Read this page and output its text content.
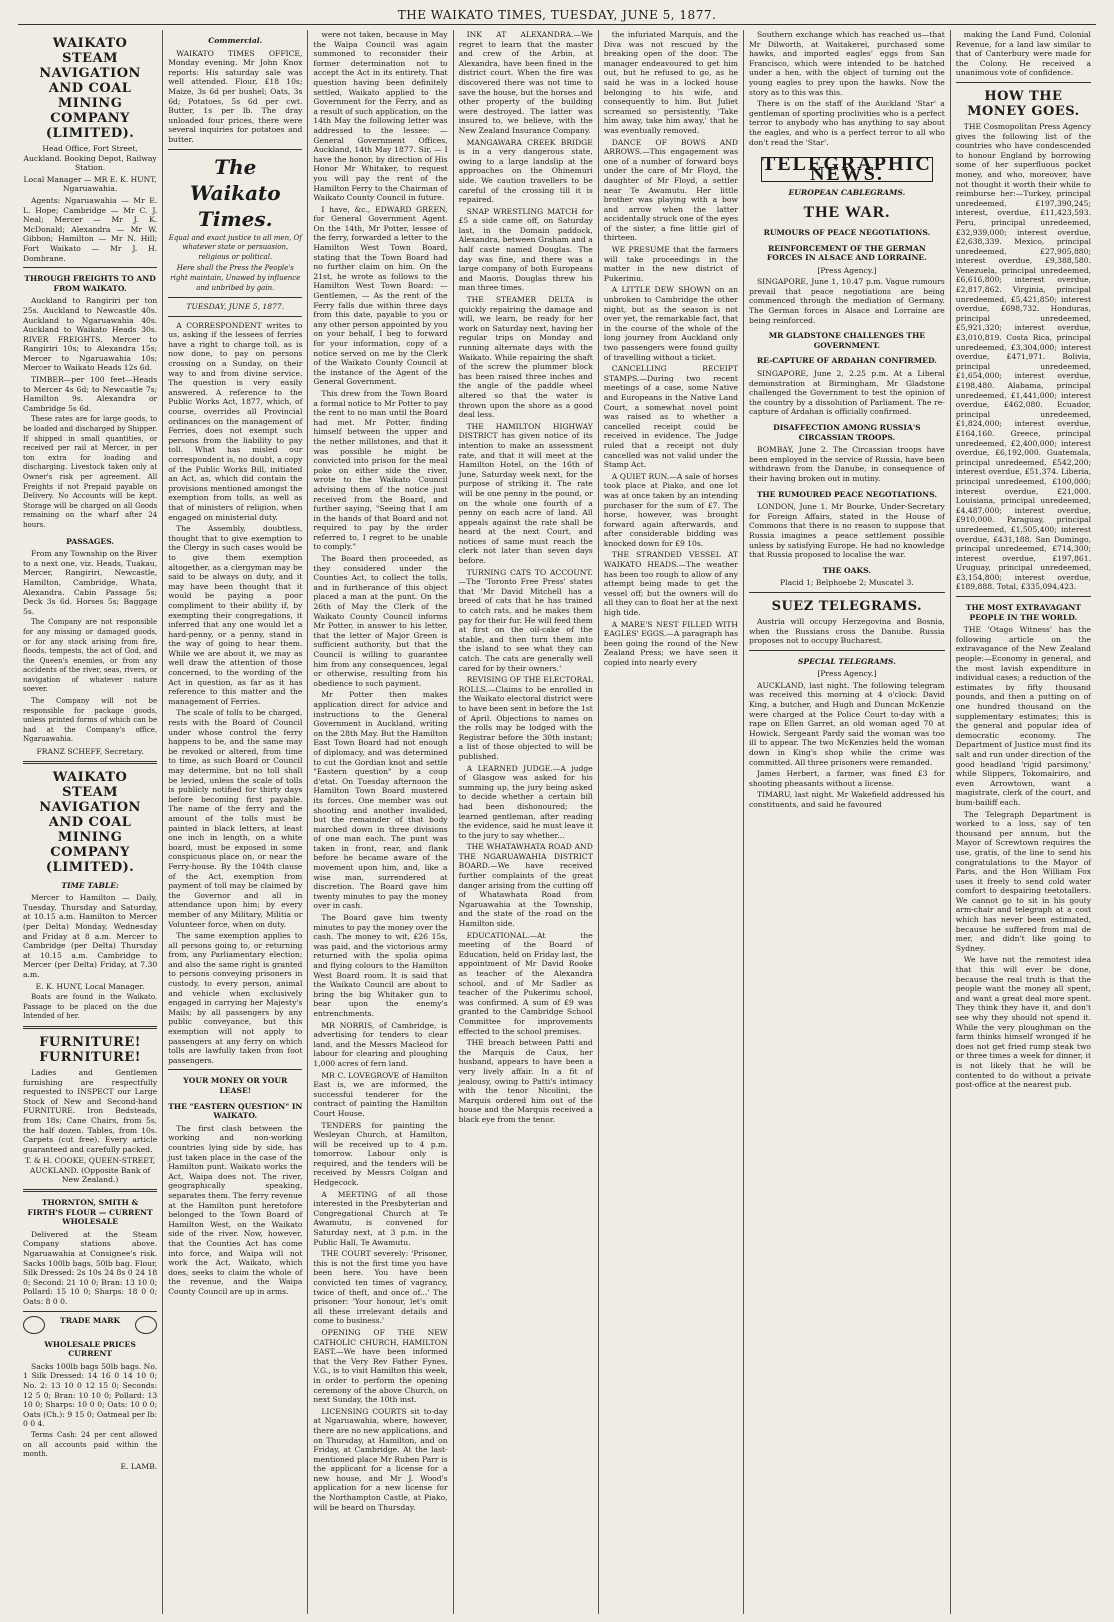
THE WAIKATO TIMES, TUESDAY, JUNE 5, 1877.
WAIKATO STEAM NAVIGATION AND COAL MINING COMPANY (LIMITED).

Head Office, Fort Street, Auckland. Booking Depot, Railway Station.

Local Manager — MR E. K. HUNT, Ngaruawahia.

Agents: Ngaruawahia — Mr E. L. Hope; Cambridge — Mr C. J. Neal; Mercer — Mr J. K. McDonald; Alexandra — Mr W. Gibbon; Hamilton — Mr N. Hill; Fort Waikato — Mr J. H. Dombrane.

THROUGH FREIGHTS TO AND FROM WAIKATO.

Auckland to Rangiriri per ton 25s. Auckland to Newcastle 40s. Auckland to Ngaruawahia 40s. Auckland to Waikato Heads 30s. RIVER FREIGHTS. Mercer to Rangiriri 10s; to Alexandra 15s; Mercer to Ngaruawahia 10s; Mercer to Waikato Heads 12s 6d.

TIMBER—per 100 feet—Heads to Mercer 4s 6d; to Newcastle 7s; Hamilton 9s. Alexandra or Cambridge 5s 6d.

These rates are for large goods, to be loaded and discharged by Shipper. If shipped in small quantities, or received per rail at Mercer, in per ton extra for loading and discharging. Livestock taken only at Owner's risk per agreement. All Freights if not Prepaid payable on Delivery. No Accounts will be kept. Storage will be charged on all Goods remaining on the wharf after 24 hours.

PASSAGES.

From any Township on the River to a next one, viz. Heads, Tuakau, Mercer, Rangiriri, Newcastle, Hamilton, Cambridge, Whata, Alexandra. Cabin Passage 5s; Deck 3s 6d. Horses 5s; Baggage 5s.

The Company are not responsible for any missing or damaged goods, or for any stock arising from fire, floods, tempests, the act of God, and the Queen's enemies, or from any accidents of the river, seas, rivers, or navigation of whatever nature soever.

The Company will not be responsible for package goods, unless printed forms of which can be had at the Company's office, Ngaruawahia.

FRANZ SCHEFF, Secretary.

WAIKATO STEAM NAVIGATION AND COAL MINING COMPANY (LIMITED).
TIME TABLE:

Mercer to Hamilton — Daily, Tuesday, Thursday and Saturday, at 10.15 a.m. Hamilton to Mercer (per Delta) Monday, Wednesday and Friday at 8 a.m. Mercer to Cambridge (per Delta) Thursday at 10.15 a.m. Cambridge to Mercer (per Delta) Friday, at 7.30 a.m.

E. K. HUNT, Local Manager.

Boats are found in the Waikato. Passage to be placed on the due Intended of her.

FURNITURE! FURNITURE!

Ladies and Gentlemen furnishing are respectfully requested to INSPECT our Large Stock of New and Second-hand FURNITURE. Iron Bedsteads, from 18s; Cane Chairs, from 5s, the half dozen. Tables, from 10s. Carpets (cut free). Every article guaranteed and carefully packed.

T. & H. COOKE, QUEEN-STREET, AUCKLAND. (Opposite Bank of New Zealand.)

THORNTON, SMITH & FIRTH'S FLOUR — CURRENT WHOLESALE

Delivered at the Steam Company stations above. Ngaruawahia at Consignee's risk. Sacks 100lb bags, 50lb bag. Flour, Silk Dressed: 2s 10s 24 8s 0 24 18 0; Second: 21 10 0; Bran: 13 10 0; Pollard: 15 10 0; Sharps: 18 0 0; Oats: 8 0 0.

TRADE MARK
WHOLESALE PRICES CURRENT

Sacks 100lb bags 50lb bags. No. 1 Silk Dressed: 14 16 0 14 10 0; No. 2: 13 10 0 12 15 0; Seconds: 12 5 0; Bran: 10 10 0; Pollard: 13 10 0; Sharps: 10 0 0; Oats: 10 0 0; Oats (Ch.): 9 15 0; Oatmeal per lb: 0 0 4.

Terms Cash: 24 per cent allowed on all accounts paid within the month.

E. LAMB.

Commercial.

WAIKATO TIMES OFFICE, Monday evening. Mr John Knox reports: His saturday sale was well attended. Flour, £18 10s; Maize, 3s 6d per bushel; Oats, 3s 6d; Potatoes, 5s 6d per cwt. Butter, 1s per lb. The dray unloaded four prices, there were several inquiries for potatoes and butter.

The Waikato Times.

Equal and exact justice to all men, Of whatever state or persuasion, religious or political.

Here shall the Press the People's right maintain, Unawed by influence and unbribed by gain.

TUESDAY, JUNE 5, 1877.

A CORRESPONDENT writes to us, asking if the lessees of ferries have a right to charge toll, as is now done, to pay on persons crossing on a Sunday, on their way to and from divine service. The question is very easily answered. A reference to the Public Works Act, 1877, which, of course, overrides all Provincial ordinances on the management of Ferries, does not exempt such persons from the liability to pay toll. What has misled our correspondent is, no doubt, a copy of the Public Works Bill, initiated an Act, as, which did contain the provisions mentioned amongst the exemption from tolls, as well as that of ministers of religion, when engaged on ministerial duty.

The Assembly, doubtless, thought that to give exemption to the Clergy in such cases would be to give them exemption altogether, as a clergyman may be said to be always on duty, and it may have been thought that it would be paying a poor compliment to their ability if, by exempting their congregations, it inferred that any one would let a hard-penny, or a penny, stand in the way of going to hear them. While we are about it, we may as well draw the attention of those concerned, to the wording of the Act in question, as far as it has reference to this matter and the management of Ferries.

The scale of tolls to be charged, rests with the Board of Council under whose control the ferry happens to be, and the same may be revoked or altered, from time to time, as such Board or Council may determine, but no toll shall be levied, unless the scale of tolls is publicly notified for thirty days before becoming first payable. The name of the ferry and the amount of the tolls must be painted in black letters, at least one inch in length, on a white board, must be exposed in some conspicuous place on, or near the Ferry-house. By the 104th clause of the Act, exemption from payment of toll may be claimed by the Governor and all in attendance upon him; by every member of any Military, Militia or Volunteer force, when on duty.

The same exemption applies to all persons going to, or returning from, any Parliamentary election; and also the same right is granted to persons conveying prisoners in custody, to every person, animal and vehicle when exclusively engaged in carrying her Majesty's Mails; by all passengers by any public conveyance, but this exemption will not apply to passengers at any ferry on which tolls are lawfully taken from foot passengers.

YOUR MONEY OR YOUR LEASE!
THE "EASTERN QUESTION" IN WAIKATO.

The first clash between the working and non-working countries lying side by side, has just taken place in the case of the Hamilton punt. Waikato works the Act, Waipa does not. The river, geographically speaking, separates them. The ferry revenue at the Hamilton punt heretofore belonged to the Town Board of Hamilton West, on the Waikato side of the river. Now, however, that the Counties Act has come into force, and Waipa will not work the Act, Waikato, which does, seeks to claim the whole of the revenue, and the Waipa County Council are up in arms.

were not taken, because in May the Waipa Council was again summoned to reconsider their former determination not to accept the Act in its entirety. That question having been definitely settled, Waikato applied to the Government for the Ferry, and as a result of such application, on the 14th May the following letter was addressed to the lessee: — General Government Offices, Auckland, 14th May 1877. Sir, — I have the honor, by direction of His Honor Mr Whitaker, to request you will pay the rent of the Hamilton Ferry to the Chairman of Waikato County Council in future.

I have, &c., EDWARD GREEN, for General Government Agent. On the 14th, Mr Potter, lessee of the ferry, forwarded a letter to the Hamilton West Town Board, stating that the Town Board had no further claim on him. On the 21st, he wrote as follows to the Hamilton West Town Board: — Gentlemen, — As the rent of the Ferry falls due within three days from this date, payable to you or any other person appointed by you on your behalf, I beg to forward for your information, copy of a notice served on me by the Clerk of the Waikato County Council at the instance of the Agent of the General Government.

This drew from the Town Board a formal notice to Mr Potter to pay the rent to no man until the Board had met. Mr Potter, finding himself between the upper and the nether millstones, and that it was possible he might be convicted into prison for the meal poke on either side the river, wrote to the Waikato Council advising them of the notice just received from the Board, and further saying, "Seeing that I am in the hands of that Board and not required to pay by the order referred to, I regret to be unable to comply."

The Board then proceeded, as they considered under the Counties Act, to collect the tolls, and in furtherance of this object placed a man at the punt. On the 26th of May the Clerk of the Waikato County Council informs Mr Potter, in answer to his letter, that the letter of Major Green is sufficient authority, but that the Council is willing to guarantee him from any consequences, legal or otherwise, resulting from his obedience to such payment.

Mr Potter then makes application direct for advice and instructions to the General Government in Auckland, writing on the 28th May. But the Hamilton East Town Board had not enough of diplomacy, and was determined to cut the Gordian knot and settle "Eastern question" by a coup d'etat. On Tuesday afternoon the Hamilton Town Board mustered its forces. One member was out shooting and another invalided, but the remainder of that body marched down in three divisions of one man each. The punt was taken in front, rear, and flank before he became aware of the movement upon him, and, like a wise man, surrendered at discretion. The Board gave him twenty minutes to pay the money over in cash.

The Board gave him twenty minutes to pay the money over the cash. The money to wit, £26 15s, was paid, and the victorious army returned with the spolia opima and flying colours to the Hamilton West Board room. It is said that the Waikato Council are about to bring the big Whitaker gun to bear upon the enemy's entrenchments.

MR NORRIS, of Cambridge, is advertising for tenders to clear land, and the Messrs Macleod for labour for clearing and ploughing 1,000 acres of fern land.

MR C. LOVEGROVE of Hamilton East is, we are informed, the successful tenderer for the contract of painting the Hamilton Court House.

TENDERS for painting the Wesleyan Church, at Hamilton, will be received up to 4 p.m. tomorrow. Labour only is required, and the tenders will be received by Messrs Colgan and Hedgecock.

A MEETING of all those interested in the Presbyterian and Congregational Church at Te Awamutu, is convened for Saturday next, at 3 p.m. in the Public Hall, Te Awamutu.

THE COURT severely: 'Prisoner, this is not the first time you have been here. You have been convicted ten times of vagrancy, twice of theft, and once of...' The prisoner: 'Your honour, let's omit all these irrelevant details and come to business.'

OPENING OF THE NEW CATHOLIC CHURCH, HAMILTON EAST.—We have been informed that the Very Rev Father Fynes, V.G., is to visit Hamilton this week, in order to perform the opening ceremony of the above Church, on next Sunday, the 10th inst.

LICENSING COURTS sit to-day at Ngaruawahia, where, however, there are no new applications, and on Thursday, at Hamilton, and on Friday, at Cambridge. At the last-mentioned place Mr Ruben Parr is the applicant for a license for a new house, and Mr J. Wood's application for a new license for the Northampton Castle, at Piako, will be heard on Thursday.

INK AT ALEXANDRA.—We regret to learn that the master and crew of the Arbin, at Alexandra, have been fined in the district court. When the fire was discovered there was not time to save the house, but the horses and other property of the building were destroyed. The latter was insured to, we believe, with the New Zealand Insurance Company.

MANGAWARA CREEK BRIDGE is in a very dangerous state, owing to a large landslip at the approaches on the Ohinemuri side. We caution travellers to be careful of the crossing till it is repaired.

SNAP WRESTLING MATCH for £5 a side came off, on Saturday last, in the Domain paddock, Alexandra, between Graham and a half caste named Douglas. The day was fine, and there was a large company of both Europeans and Maoris. Douglas threw his man three times.

THE STEAMER DELTA is quickly repairing the damage and will, we learn, be ready for her work on Saturday next, having her regular trips on Monday and running alternate days with the Waikato. While repairing the shaft of the screw the plummer block has been raised three inches and the angle of the paddle wheel altered so that the water is thrown upon the shore as a good deal less.

THE HAMILTON HIGHWAY DISTRICT has given notice of its intention to make an assessment rate, and that it will meet at the Hamilton Hotel, on the 16th of June, Saturday week next, for the purpose of striking it. The rate will be one penny in the pound, or on the whole one fourth of a penny on each acre of land. All appeals against the rate shall be heard at the next Court, and notices of same must reach the clerk not later than seven days before.

TURNING CATS TO ACCOUNT.—The 'Toronto Free Press' states that 'Mr David Mitchell has a breed of cats that he has trained to catch rats, and he makes them pay for their fur. He will feed them at first on the oil-cake of the stable, and then turn them into the island to see what they can catch. The cats are generally well cared for by their owners.'

REVISING OF THE ELECTORAL ROLLS.—Claims to be enrolled in the Waikato electoral district were to have been sent in before the 1st of April. Objections to names on the rolls may be lodged with the Registrar before the 30th instant; a list of those objected to will be published.

A LEARNED JUDGE.—A judge of Glasgow was asked for his summing up, the jury being asked to decide whether a certain bill had been dishonoured; the learned gentleman, after reading the evidence, said he must leave it to the jury to say whether...

THE WHATAWHATA ROAD AND THE NGARUAWAHIA DISTRICT BOARD.—We have received further complaints of the great danger arising from the cutting off of Whatawhata Road from Ngaruawahia at the Township, and the state of the road on the Hamilton side.

EDUCATIONAL.—At the meeting of the Board of Education, held on Friday last, the appointment of Mr David Rooke as teacher of the Alexandra school, and of Mr Sadler as teacher of the Pukerimu school, was confirmed. A sum of £9 was granted to the Cambridge School Committee for improvements effected to the school premises.

THE breach between Patti and the Marquis de Caux, her husband, appears to have been a very lively affair. In a fit of jealousy, owing to Patti's intimacy with the tenor Nicolini, the Marquis ordered him out of the house and the Marquis received a black eye from the tenor.

the infuriated Marquis, and the Diva was not rescued by the breaking open of the door. The manager endeavoured to get him out, but he refused to go, as he said he was in a locked house belonging to his wife, and consequently to him. But Juliet screamed so persistently, 'Take him away, take him away,' that he was eventually removed.

DANCE OF BOWS AND ARROWS.—This engagement was one of a number of forward boys under the care of Mr Floyd, the daughter of Mr Floyd, a settler near Te Awamutu. Her little brother was playing with a bow and arrow when the latter accidentally struck one of the eyes of the sister, a fine little girl of thirteen.

WE PRESUME that the farmers will take proceedings in the matter in the new district of Pukerimu.

A LITTLE DEW SHOWN on an unbroken to Cambridge the other night, but as the season is not over yet, the remarkable fact, that in the course of the whole of the long journey from Auckland only two passengers were found guilty of travelling without a ticket.

CANCELLING RECEIPT STAMPS.—During two recent meetings of a case, some Native and Europeans in the Native Land Court, a somewhat novel point was raised as to whether a cancelled receipt could be received in evidence. The Judge ruled that a receipt not duly cancelled was not valid under the Stamp Act.

A QUIET RUN.—A sale of horses took place at Piako, and one lot was at once taken by an intending purchaser for the sum of £7. The horse, however, was brought forward again afterwards, and after considerable bidding was knocked down for £9 10s.

THE STRANDED VESSEL AT WAIKATO HEADS.—The weather has been too rough to allow of any attempt being made to get the vessel off; but the owners will do all they can to float her at the next high tide.

A MARE'S NEST FILLED WITH EAGLES' EGGS.—A paragraph has been going the round of the New Zealand Press; we have seen it copied into nearly every

Southern exchange which has reached us—that Mr Dilworth, at Waitakerei, purchased some hawks, and imported eagles' eggs from San Francisco, which were intended to be hatched under a hen, with the object of turning out the young eagles to prey upon the hawks. Now the story as to this was this.

There is on the staff of the Auckland 'Star' a gentleman of sporting proclivities who is a perfect terror to anybody who has anything to say about the eagles, and who is a perfect terror to all who don't read the 'Star'.

TELEGRAPHIC NEWS.
EUROPEAN CABLEGRAMS.
THE WAR.
RUMOURS OF PEACE NEGOTIATIONS.
REINFORCEMENT OF THE GERMAN FORCES IN ALSACE AND LORRAINE.

[Press Agency.]

SINGAPORE, June 1, 10.47 p.m. Vague rumours prevail that peace negotiations are being commenced through the mediation of Germany. The German forces in Alsace and Lorraine are being reinforced.

MR GLADSTONE CHALLENGES THE GOVERNMENT.
RE-CAPTURE OF ARDAHAN CONFIRMED.

SINGAPORE, June 2, 2.25 p.m. At a Liberal demonstration at Birmingham, Mr Gladstone challenged the Government to test the opinion of the country by a dissolution of Parliament. The re-capture of Ardahan is officially confirmed.

DISAFFECTION AMONG RUSSIA'S CIRCASSIAN TROOPS.

BOMBAY, June 2. The Circassian troops have been employed in the service of Russia, have been withdrawn from the Danube, in consequence of their having broken out in mutiny.

THE RUMOURED PEACE NEGOTIATIONS.

LONDON, June 1. Mr Bourke, Under-Secretary for Foreign Affairs, stated in the House of Commons that there is no reason to suppose that Russia imagines a peace settlement possible unless by satisfying Europe. He had no knowledge that Russia proposed to localise the war.

THE OAKS.

Placid 1; Belphoebe 2; Muscatel 3.

SUEZ TELEGRAMS.

Austria will occupy Herzegovina and Bosnia, when the Russians cross the Danube. Russia proposes not to occupy Bucharest.

SPECIAL TELEGRAMS.

[Press Agency.]

AUCKLAND, last night. The following telegram was received this morning at 4 o'clock: David King, a butcher, and Hugh and Duncan McKenzie were charged at the Police Court to-day with a rape on Ellen Garret, an old woman aged 70 at Howick. Sergeant Pardy said the woman was too ill to appear. The two McKenzies held the woman down in King's shop while the crime was committed. All three prisoners were remanded.

James Herbert, a farmer, was fined £3 for shooting pheasants without a license.

TIMARU, last night. Mr Wakefield addressed his constituents, and said he favoured

making the Land Fund, Colonial Revenue, for a land law similar to that of Canterbury were made for the Colony. He received a unanimous vote of confidence.

HOW THE MONEY GOES.

THE Cosmopolitan Press Agency gives the following list of the countries who have condescended to honour England by borrowing some of her superfluous pocket money, and who, moreover, have not thought it worth their while to reimburse her:—Turkey, principal unredeemed, £197,390,245; interest, overdue, £11,423,593. Peru, principal unredeemed, £32,939,000; interest overdue, £2,638,339. Mexico, principal unredeemed, £27,905,880; interest overdue, £9,388,580. Venezuela, principal unredeemed, £6,616,800; interest overdue, £2,817,862. Virginia, principal unredeemed, £5,421,850; interest overdue, £698,732. Honduras, principal unredeemed, £5,921,320; interest overdue, £3,010,819. Costa Rica, principal unredeemed, £3,304,000; interest overdue, £471,971. Bolivia, principal unredeemed, £1,654,000; interest overdue, £198,480. Alabama, principal unredeemed, £1,441,000; interest overdue, £462,080. Ecuador, principal unredeemed, £1,824,000; interest overdue, £164,160. Greece, principal unredeemed, £2,400,000; interest overdue, £6,192,000. Guatemala, principal unredeemed, £542,200; interest overdue, £51,374. Liberia, principal unredeemed, £100,000; interest overdue, £21,000. Louisiana, principal unredeemed, £4,487,000; interest overdue, £910,000. Paraguay, principal unredeemed, £1,505,400; interest overdue, £431,188. San Domingo, principal unredeemed, £714,300; interest overdue, £197,861. Uruguay, principal unredeemed, £3,154,800; interest overdue, £189,888. Total, £335,094,423.

THE MOST EXTRAVAGANT PEOPLE IN THE WORLD.

THE 'Otago Witness' has the following article on the extravagance of the New Zealand people:—Economy in general, and the most lavish expenditure in individual cases; a reduction of the estimates by fifty thousand pounds, and then a putting on of one hundred thousand on the supplementary estimates; this is the general and popular idea of democratic economy. The Department of Justice must find its salt and run under direction of the good headland 'rigid parsimony,' while Slippers, Tokomairiro, and even Arrowtown, want a magistrate, clerk of the court, and bum-bailiff each.

The Telegraph Department is worked to a loss, say of ten thousand per annum, but the Mayor of Screwtown requires the use, gratis, of the line to send his congratulations to the Mayor of Paris, and the Hon William Fox uses it freely to send cold water comfort to despairing teetotallers. We cannot go to sit in his gouty arm-chair and telegraph at a cost which has never been estimated, because he suffered from mal de mer, and didn't like going to Sydney.

We have not the remotest idea that this will ever be done, because the real truth is that the people want the money all spent, and want a great deal more spent. They think they have it, and don't see why they should not spend it. While the very ploughman on the farm thinks himself wronged if he does not get fried rump steak two or three times a week for dinner, it is not likely that he will be contented to do without a private post-office at the nearest pub.
